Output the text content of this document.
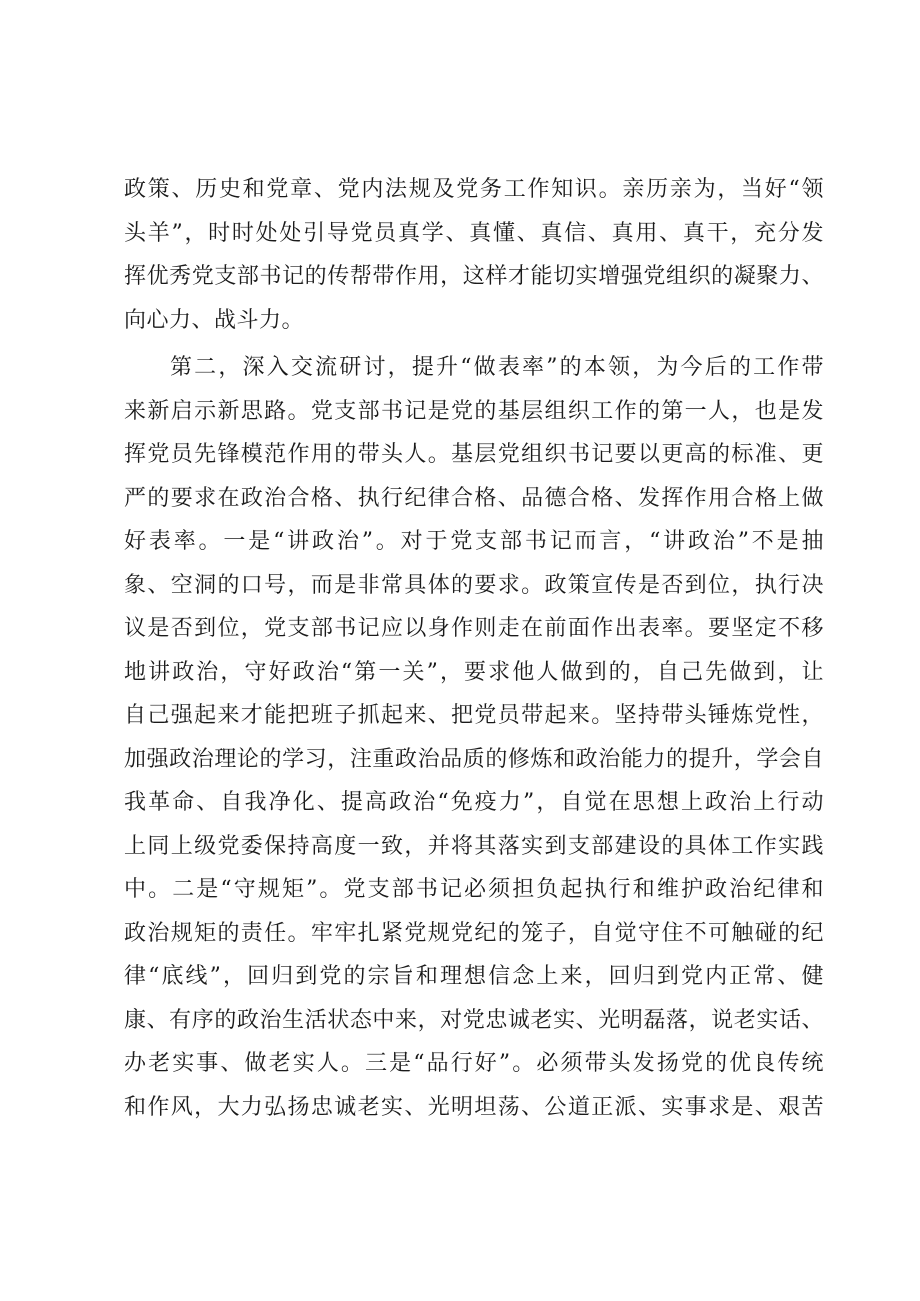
政策、历史和党章、党内法规及党务工作知识。亲历亲为，当好“领
头羊”，时时处处引导党员真学、真懂、真信、真用、真干，充分发
挥优秀党支部书记的传帮带作用，这样才能切实增强党组织的凝聚力、
向心力、战斗力。
第二，深入交流研讨，提升“做表率”的本领，为今后的工作带
来新启示新思路。党支部书记是党的基层组织工作的第一人，也是发
挥党员先锋模范作用的带头人。基层党组织书记要以更高的标准、更
严的要求在政治合格、执行纪律合格、品德合格、发挥作用合格上做
好表率。一是“讲政治”。对于党支部书记而言，“讲政治”不是抽
象、空洞的口号，而是非常具体的要求。政策宣传是否到位，执行决
议是否到位，党支部书记应以身作则走在前面作出表率。要坚定不移
地讲政治，守好政治“第一关”，要求他人做到的，自己先做到，让
自己强起来才能把班子抓起来、把党员带起来。坚持带头锤炼党性，
加强政治理论的学习，注重政治品质的修炼和政治能力的提升，学会自
我革命、自我净化、提高政治“免疫力”，自觉在思想上政治上行动
上同上级党委保持高度一致，并将其落实到支部建设的具体工作实践
中。二是“守规矩”。党支部书记必须担负起执行和维护政治纪律和
政治规矩的责任。牢牢扎紧党规党纪的笼子，自觉守住不可触碰的纪
律“底线”，回归到党的宗旨和理想信念上来，回归到党内正常、健
康、有序的政治生活状态中来，对党忠诚老实、光明磊落，说老实话、
办老实事、做老实人。三是“品行好”。必须带头发扬党的优良传统
和作风，大力弘扬忠诚老实、光明坦荡、公道正派、实事求是、艰苦
